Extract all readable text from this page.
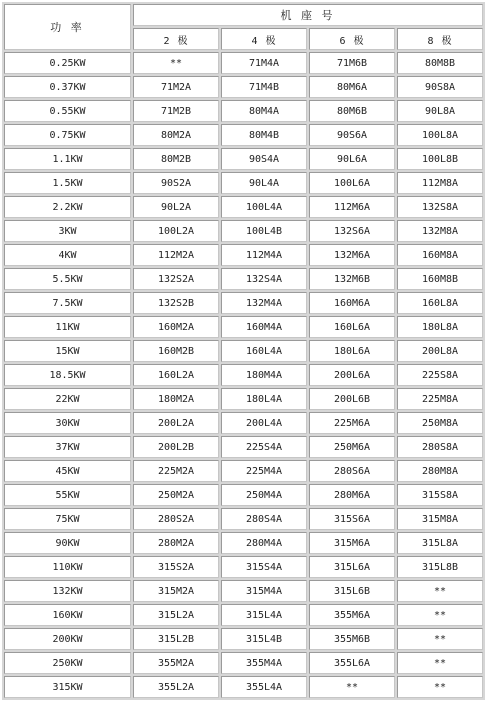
功 率	机 座 号			
	2 极	4 极	6 极	8 极
0.25KW	**	71M4A	71M6B	80M8B
0.37KW	71M2A	71M4B	80M6A	90S8A
0.55KW	71M2B	80M4A	80M6B	90L8A
0.75KW	80M2A	80M4B	90S6A	100L8A
1.1KW	80M2B	90S4A	90L6A	100L8B
1.5KW	90S2A	90L4A	100L6A	112M8A
2.2KW	90L2A	100L4A	112M6A	132S8A
3KW	100L2A	100L4B	132S6A	132M8A
4KW	112M2A	112M4A	132M6A	160M8A
5.5KW	132S2A	132S4A	132M6B	160M8B
7.5KW	132S2B	132M4A	160M6A	160L8A
11KW	160M2A	160M4A	160L6A	180L8A
15KW	160M2B	160L4A	180L6A	200L8A
18.5KW	160L2A	180M4A	200L6A	225S8A
22KW	180M2A	180L4A	200L6B	225M8A
30KW	200L2A	200L4A	225M6A	250M8A
37KW	200L2B	225S4A	250M6A	280S8A
45KW	225M2A	225M4A	280S6A	280M8A
55KW	250M2A	250M4A	280M6A	315S8A
75KW	280S2A	280S4A	315S6A	315M8A
90KW	280M2A	280M4A	315M6A	315L8A
110KW	315S2A	315S4A	315L6A	315L8B
132KW	315M2A	315M4A	315L6B	**
160KW	315L2A	315L4A	355M6A	**
200KW	315L2B	315L4B	355M6B	**
250KW	355M2A	355M4A	355L6A	**
315KW	355L2A	355L4A	**	**
